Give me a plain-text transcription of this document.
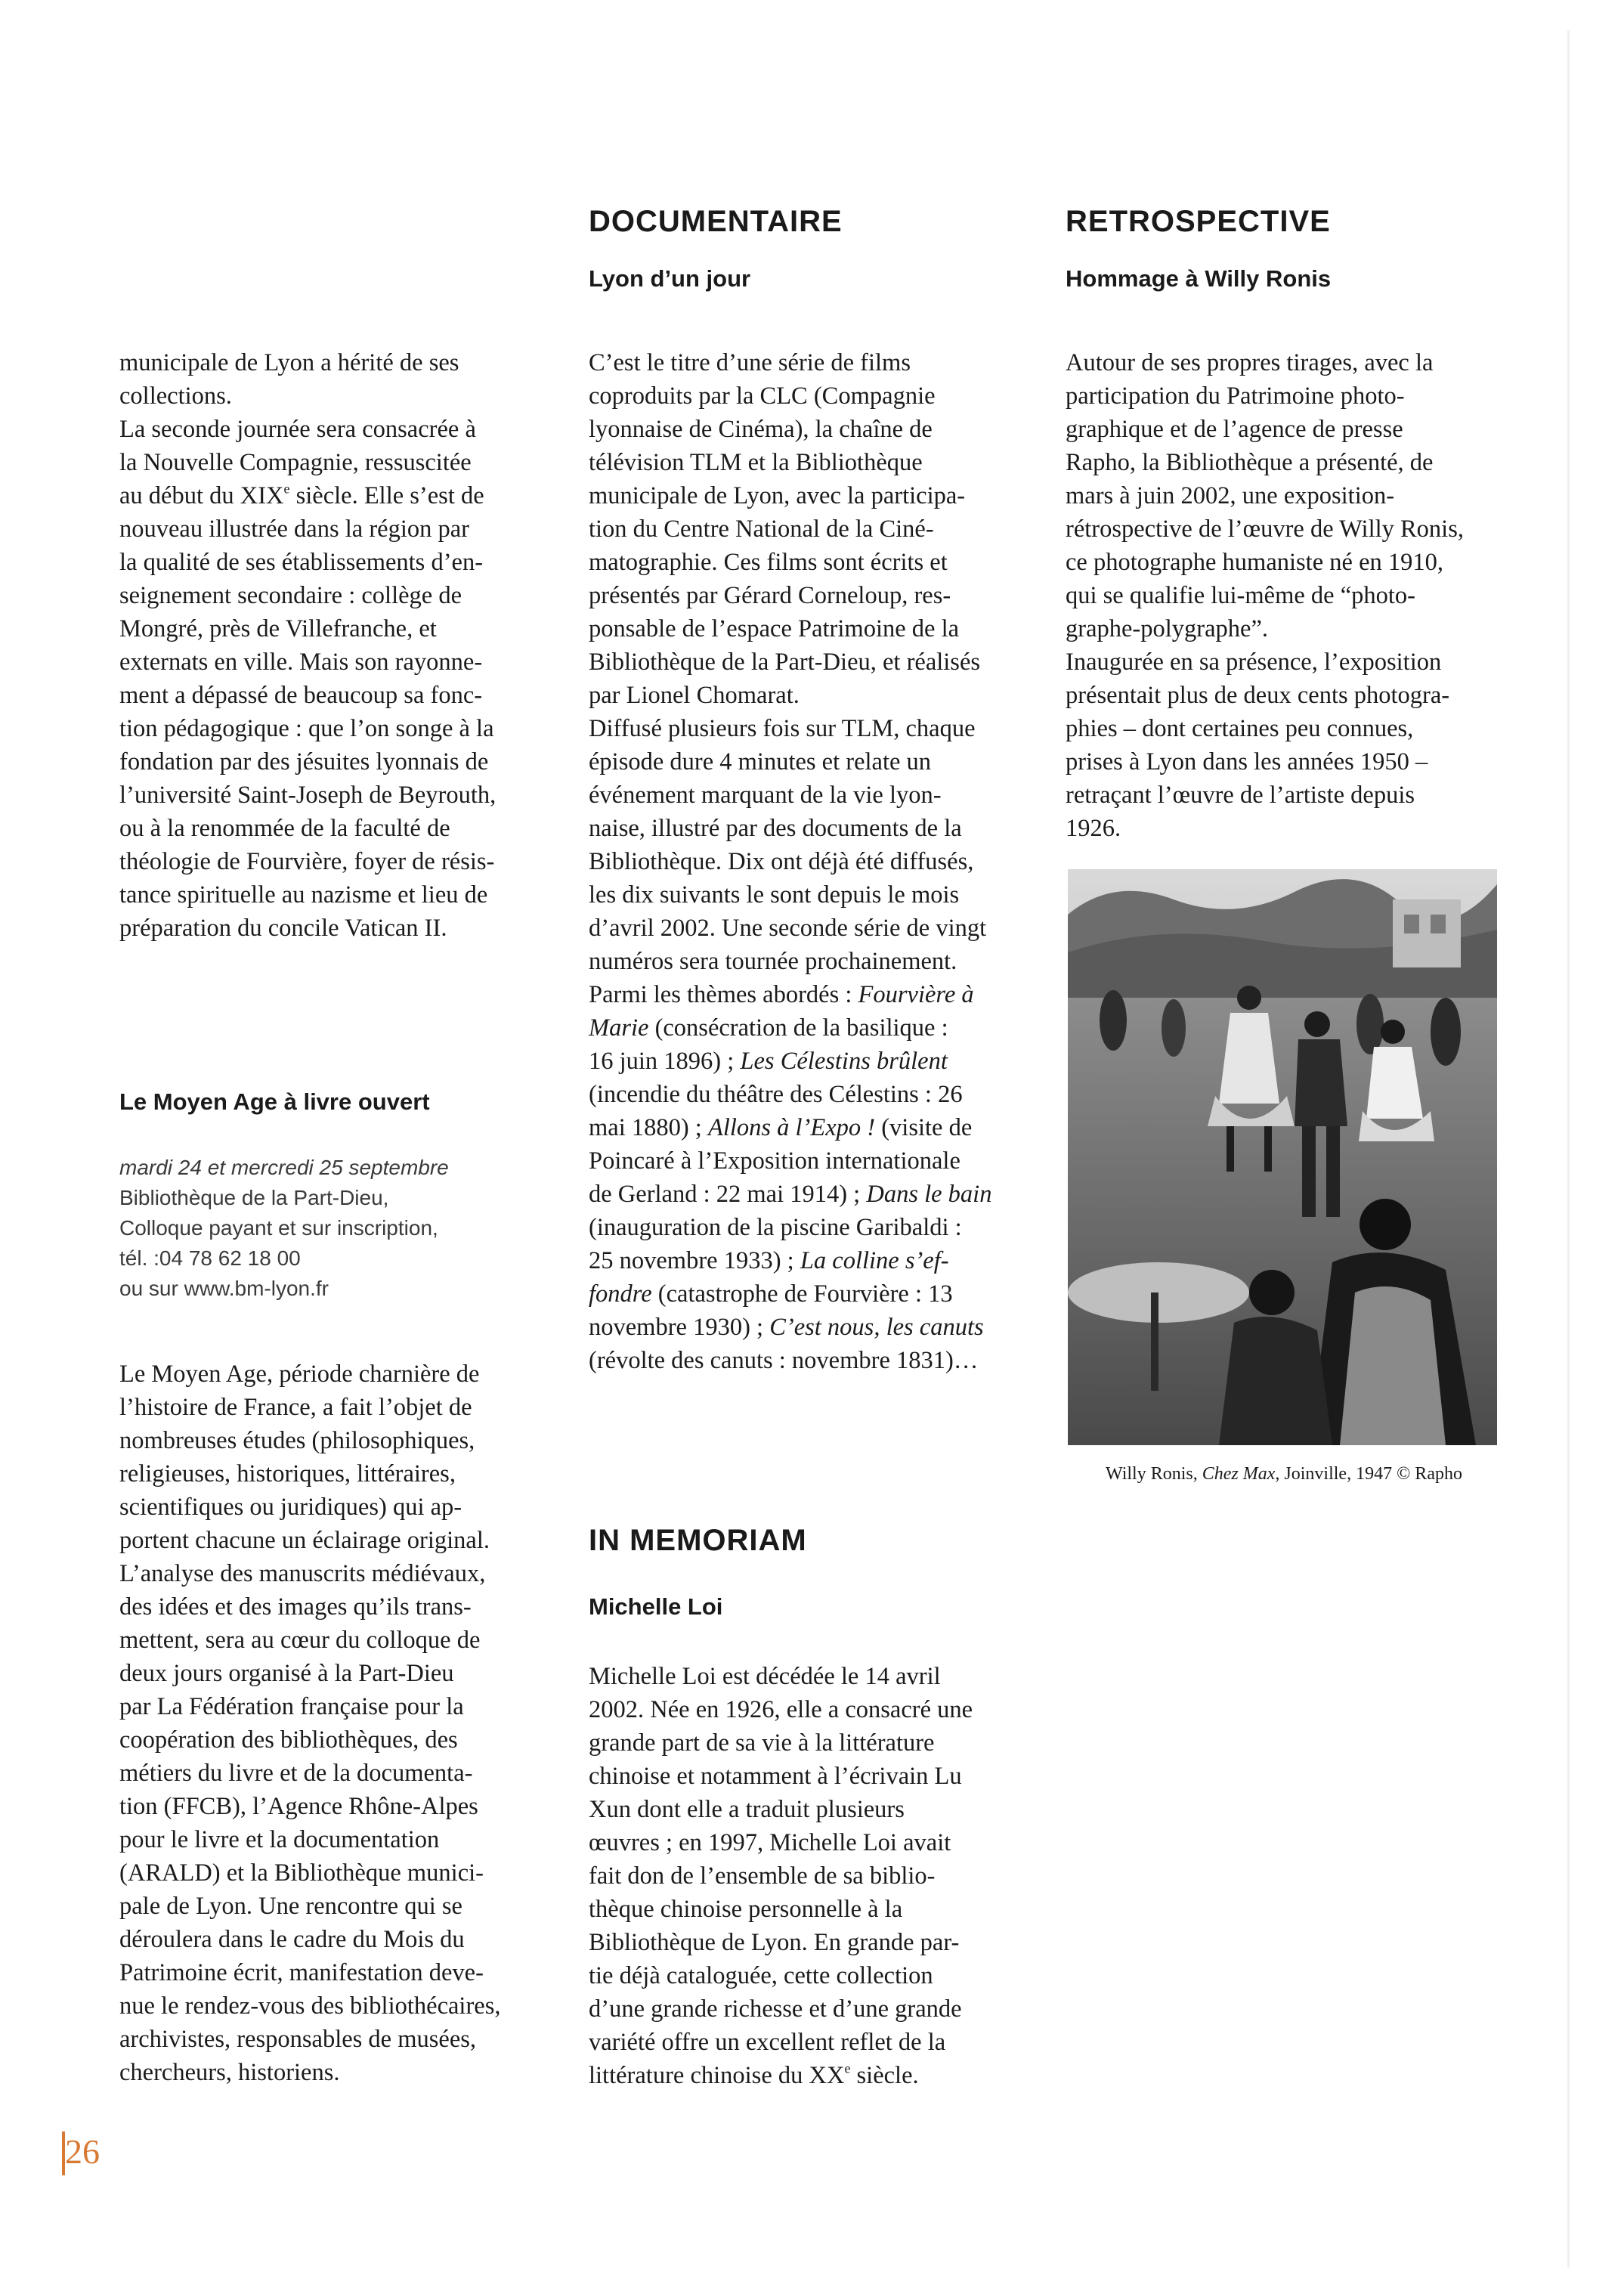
municipale de Lyon a hérité de ses

collections.

La seconde journée sera consacrée à

la Nouvelle Compagnie, ressuscitée

au début du XIXe siècle. Elle s’est de

nouveau illustrée dans la région par

la qualité de ses établissements d’en-

seignement secondaire : collège de

Mongré, près de Villefranche, et

externats en ville. Mais son rayonne-

ment a dépassé de beaucoup sa fonc-

tion pédagogique : que l’on songe à la

fondation par des jésuites lyonnais de

l’université Saint-Joseph de Beyrouth,

ou à la renommée de la faculté de

théologie de Fourvière, foyer de résis-

tance spirituelle au nazisme et lieu de

préparation du concile Vatican II.

Le Moyen Age à livre ouvert
mardi 24 et mercredi 25 septembre
Bibliothèque de la Part-Dieu,
Colloque payant et sur inscription,
tél. :04 78 62 18 00
ou sur www.bm-lyon.fr

Le Moyen Age, période charnière de

l’histoire de France, a fait l’objet de

nombreuses études (philosophiques,

religieuses, historiques, littéraires,

scientifiques ou juridiques) qui ap-

portent chacune un éclairage original.

L’analyse des manuscrits médiévaux,

des idées et des images qu’ils trans-

mettent, sera au cœur du colloque de

deux jours organisé à la Part-Dieu

par La Fédération française pour la

coopération des bibliothèques, des

métiers du livre et de la documenta-

tion (FFCB), l’Agence Rhône-Alpes

pour le livre et la documentation

(ARALD) et la Bibliothèque munici-

pale de Lyon. Une rencontre qui se

déroulera dans le cadre du Mois du

Patrimoine écrit, manifestation deve-

nue le rendez-vous des bibliothécaires,

archivistes, responsables de musées,

chercheurs, historiens.

DOCUMENTAIRE
Lyon d’un jour

C’est le titre d’une série de films

coproduits par la CLC (Compagnie

lyonnaise de Cinéma), la chaîne de

télévision TLM et la Bibliothèque

municipale de Lyon, avec la participa-

tion du Centre National de la Ciné-

matographie. Ces films sont écrits et

présentés par Gérard Corneloup, res-

ponsable de l’espace Patrimoine de la

Bibliothèque de la Part-Dieu, et réalisés

par Lionel Chomarat.

Diffusé plusieurs fois sur TLM, chaque

épisode dure 4 minutes et relate un

événement marquant de la vie lyon-

naise, illustré par des documents de la

Bibliothèque. Dix ont déjà été diffusés,

les dix suivants le sont depuis le mois

d’avril 2002. Une seconde série de vingt

numéros sera tournée prochainement.

Parmi les thèmes abordés : Fourvière à

Marie (consécration de la basilique :

16 juin 1896) ; Les Célestins brûlent

(incendie du théâtre des Célestins : 26

mai 1880) ; Allons à l’Expo ! (visite de

Poincaré à l’Exposition internationale

de Gerland : 22 mai 1914) ; Dans le bain

(inauguration de la piscine Garibaldi :

25 novembre 1933) ; La colline s’ef-

fondre (catastrophe de Fourvière : 13

novembre 1930) ; C’est nous, les canuts

(révolte des canuts : novembre 1831)…

IN MEMORIAM
Michelle Loi

Michelle Loi est décédée le 14 avril

2002. Née en 1926, elle a consacré une

grande part de sa vie à la littérature

chinoise et notamment à l’écrivain Lu

Xun dont elle a traduit plusieurs

œuvres ; en 1997, Michelle Loi avait

fait don de l’ensemble de sa biblio-

thèque chinoise personnelle à la

Bibliothèque de Lyon. En grande par-

tie déjà cataloguée, cette collection

d’une grande richesse et d’une grande

variété offre un excellent reflet de la

littérature chinoise du XXe siècle.

RETROSPECTIVE
Hommage à Willy Ronis

Autour de ses propres tirages, avec la

participation du Patrimoine photo-

graphique et de l’agence de presse

Rapho, la Bibliothèque a présenté, de

mars à juin 2002, une exposition-

rétrospective de l’œuvre de Willy Ronis,

ce photographe humaniste né en 1910,

qui se qualifie lui-même de “photo-

graphe-polygraphe”.

Inaugurée en sa présence, l’exposition

présentait plus de deux cents photogra-

phies – dont certaines peu connues,

prises à Lyon dans les années 1950 –

retraçant l’œuvre de l’artiste depuis

1926.

Willy Ronis, Chez Max, Joinville, 1947 © Rapho
26
